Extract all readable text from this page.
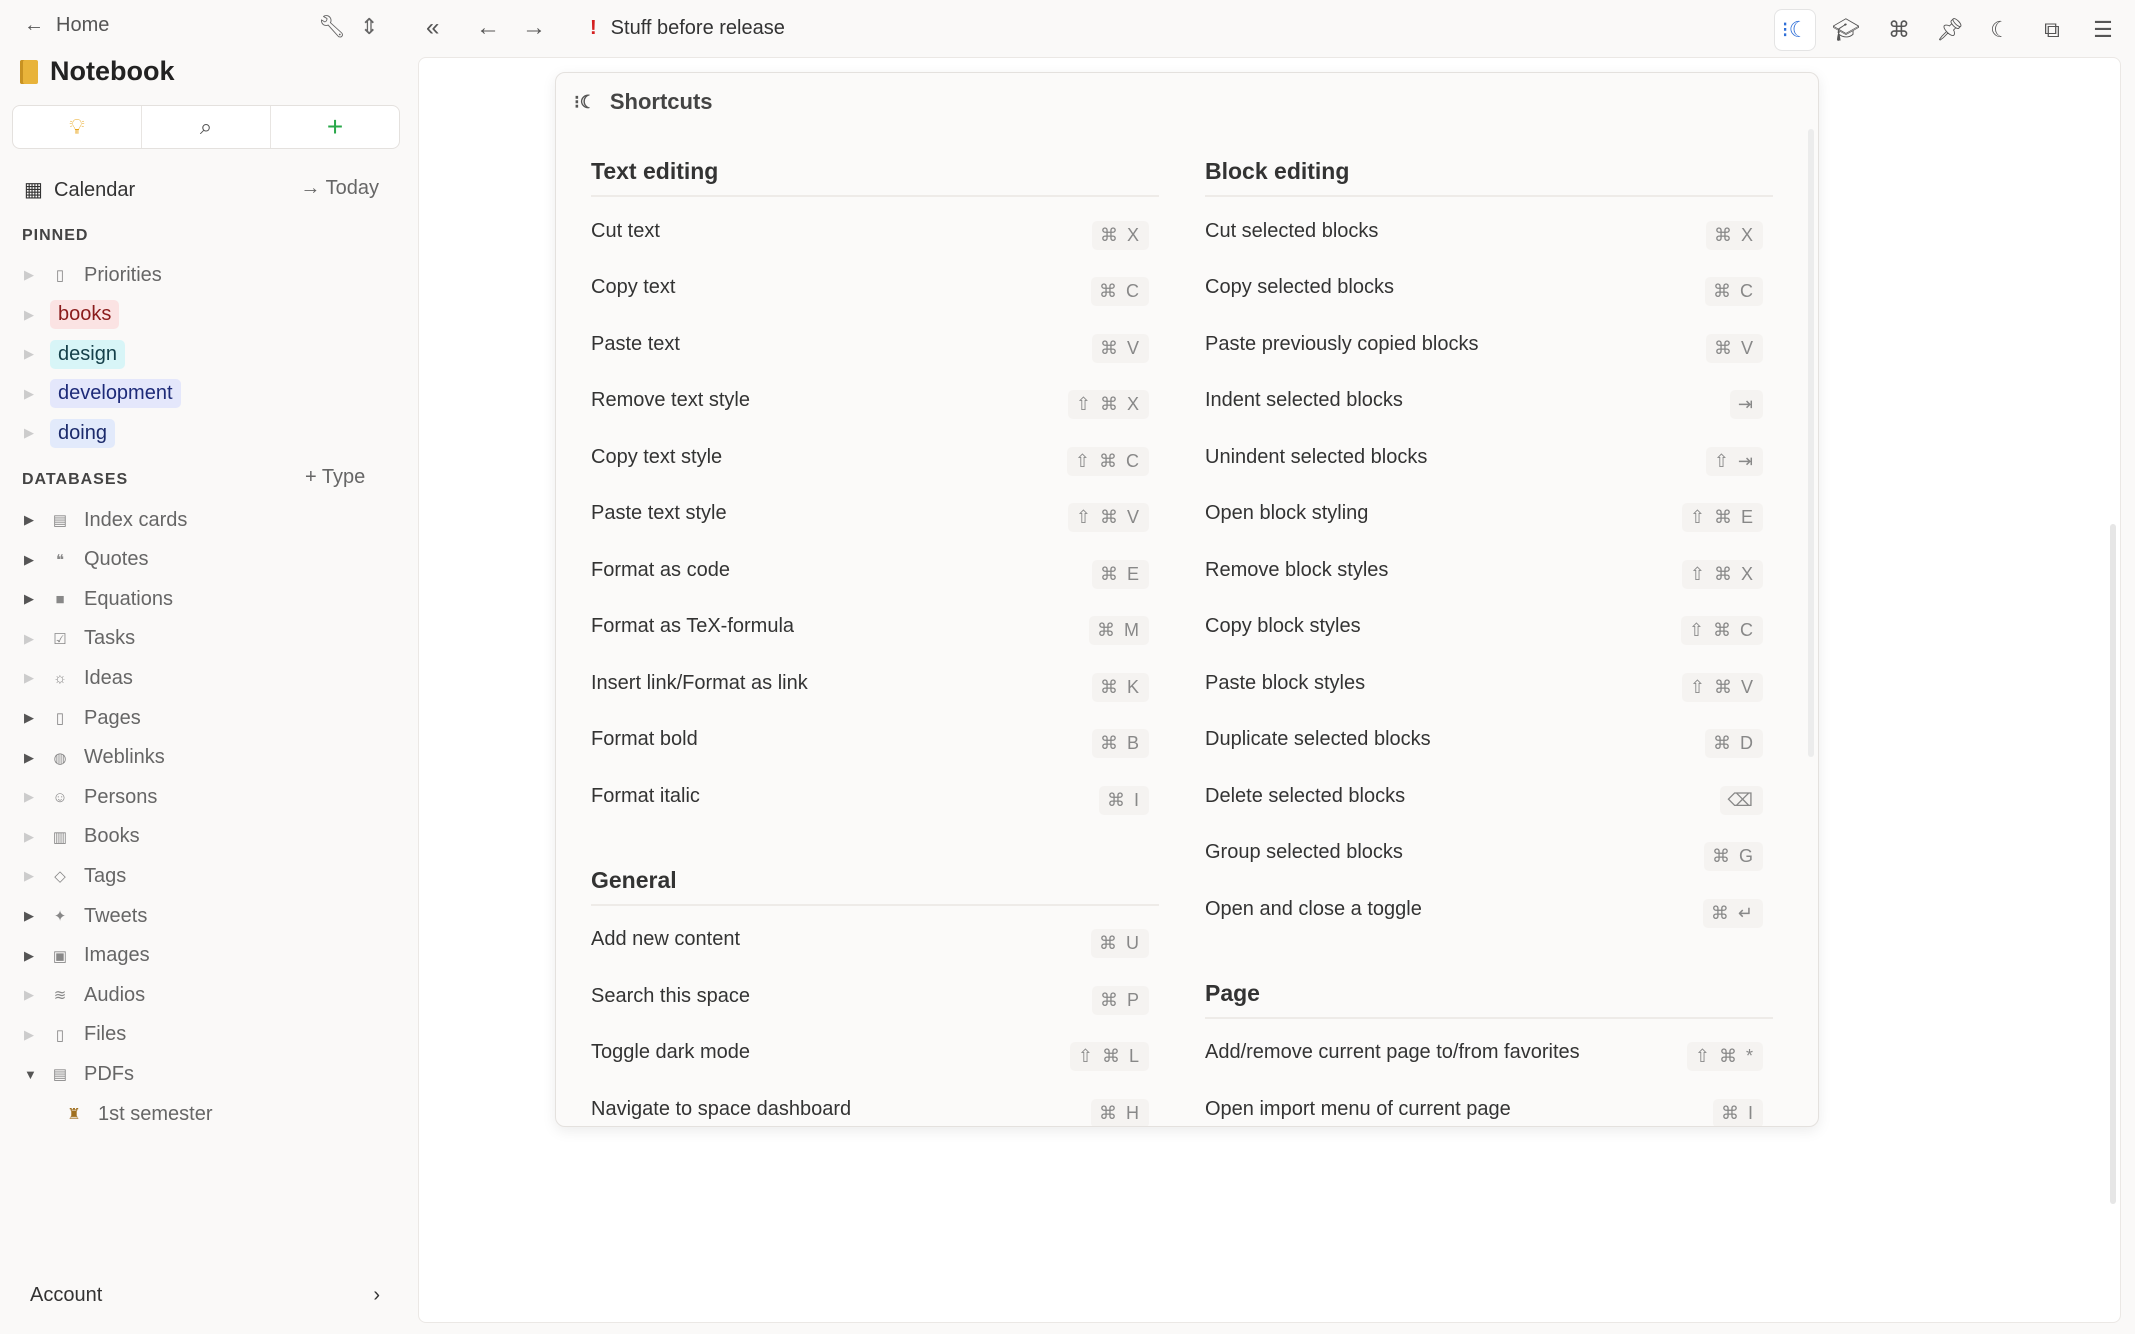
← Home	🔧︎ ⇕
Notebook
💡︎	⌕	+
▦ Calendar	→ Today
PINNED
▶	▯ Priorities
▶	books
▶	design
▶	development
▶	doing
DATABASES	+ Type
▶ ▤ Index cards
▶	❝ Quotes
▶	■ Equations
▶ ☑ Tasks
▶ ☼ Ideas
▶	▯ Pages
▶ ◍ Weblinks
▶ ☺ Persons
▶ ▥ Books
▶ ◇ Tags
▶ ✦ Tweets
▶ ▣ Images
▶ ≋ Audios
▶	▯ Files
▼ ▤ PDFs
♜ 1st semester
Account	›
« ← → ! Stuff before release	⁝☾	🎓︎	⌘	📌︎	☾	⧉	☰
⁝☾ Shortcuts
Text editing
Cut text	⌘ X
Copy text	⌘ C
Paste text	⌘ V
Remove text style	⇧ ⌘ X
Copy text style	⇧ ⌘ C
Paste text style	⇧ ⌘ V
Format as code	⌘ E
Format as TeX-formula	⌘ M
Insert link/Format as link	⌘ K
Format bold	⌘ B
Format italic	⌘ I
General
Add new content	⌘ U
Search this space	⌘ P
Toggle dark mode	⇧ ⌘ L
Navigate to space dashboard	⌘ H
Block editing
Cut selected blocks	⌘ X
Copy selected blocks	⌘ C
Paste previously copied blocks	⌘ V
Indent selected blocks	⇥
Unindent selected blocks	⇧ ⇥
Open block styling	⇧ ⌘ E
Remove block styles	⇧ ⌘ X
Copy block styles	⇧ ⌘ C
Paste block styles	⇧ ⌘ V
Duplicate selected blocks	⌘ D
Delete selected blocks	⌫
Group selected blocks	⌘ G
Open and close a toggle	⌘ ↵
Page
Add/remove current page to/from favorites	⇧ ⌘ *
Open import menu of current page	⌘ I
